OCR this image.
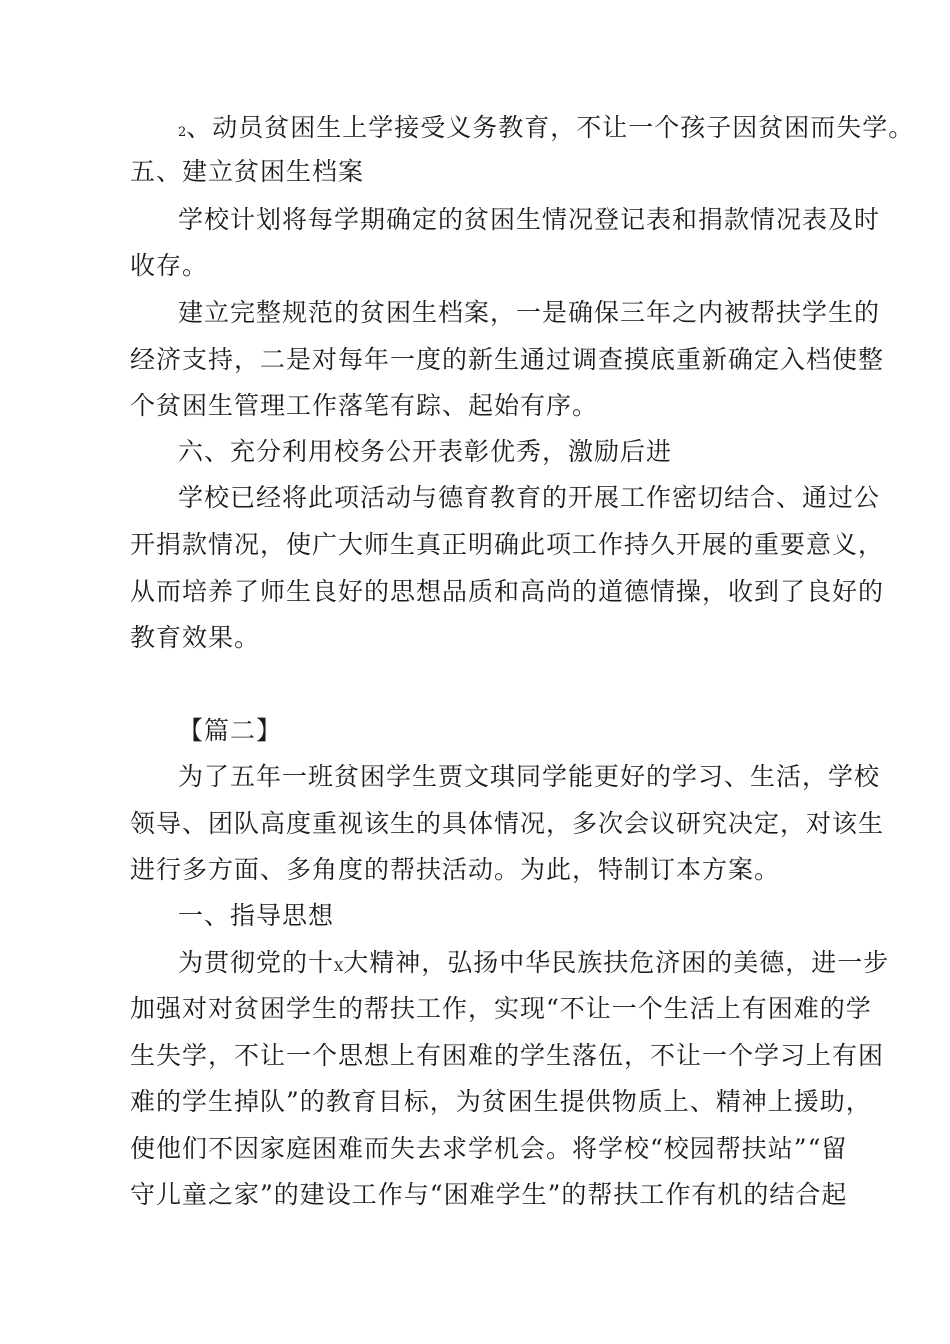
2、动员贫困生上学接受义务教育，不让一个孩子因贫困而失学。
五、建立贫困生档案
学校计划将每学期确定的贫困生情况登记表和捐款情况表及时
收存。
建立完整规范的贫困生档案，一是确保三年之内被帮扶学生的
经济支持，二是对每年一度的新生通过调查摸底重新确定入档使整
个贫困生管理工作落笔有踪、起始有序。
六、充分利用校务公开表彰优秀，激励后进
学校已经将此项活动与德育教育的开展工作密切结合、通过公
开捐款情况，使广大师生真正明确此项工作持久开展的重要意义，
从而培养了师生良好的思想品质和高尚的道德情操，收到了良好的
教育效果。
【篇二】
为了五年一班贫困学生贾文琪同学能更好的学习、生活，学校
领导、团队高度重视该生的具体情况，多次会议研究决定，对该生
进行多方面、多角度的帮扶活动。为此，特制订本方案。
一、指导思想
为贯彻党的十X大精神，弘扬中华民族扶危济困的美德，进一步
加强对对贫困学生的帮扶工作，实现“不让一个生活上有困难的学
生失学，不让一个思想上有困难的学生落伍，不让一个学习上有困
难的学生掉队”的教育目标，为贫困生提供物质上、精神上援助，
使他们不因家庭困难而失去求学机会。将学校“校园帮扶站”“留
守儿童之家”的建设工作与“困难学生”的帮扶工作有机的结合起
